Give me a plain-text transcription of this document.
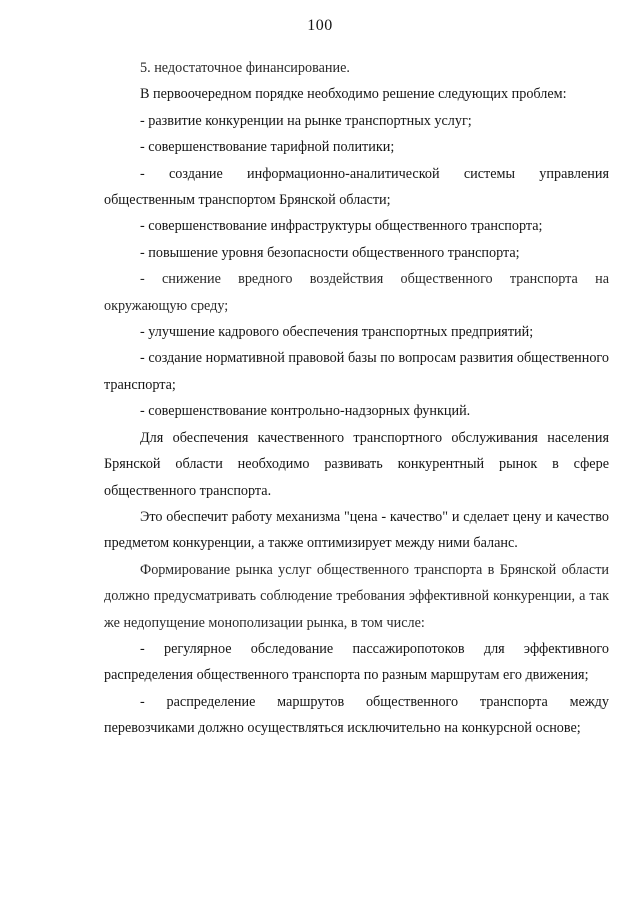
100

5. недостаточное финансирование.

В первоочередном порядке необходимо решение следующих проблем:

- развитие конкуренции на рынке транспортных услуг;

- совершенствование тарифной политики;

- создание информационно-аналитической системы управления общественным транспортом Брянской области;

- совершенствование инфраструктуры общественного транспорта;

- повышение уровня безопасности общественного транспорта;

- снижение вредного воздействия общественного транспорта на окружающую среду;

- улучшение кадрового обеспечения транспортных предприятий;

- создание нормативной правовой базы по вопросам развития общественного транспорта;

- совершенствование контрольно-надзорных функций.

Для обеспечения качественного транспортного обслуживания населения Брянской области необходимо развивать конкурентный рынок в сфере общественного транспорта.

Это обеспечит работу механизма "цена - качество" и сделает цену и качество предметом конкуренции, а также оптимизирует между ними баланс.

Формирование рынка услуг общественного транспорта в Брянской области должно предусматривать соблюдение требования эффективной конкуренции, а так же недопущение монополизации рынка, в том числе:

- регулярное обследование пассажиропотоков для эффективного распределения общественного транспорта по разным маршрутам его движения;

- распределение маршрутов общественного транспорта между перевозчиками должно осуществляться исключительно на конкурсной основе;
